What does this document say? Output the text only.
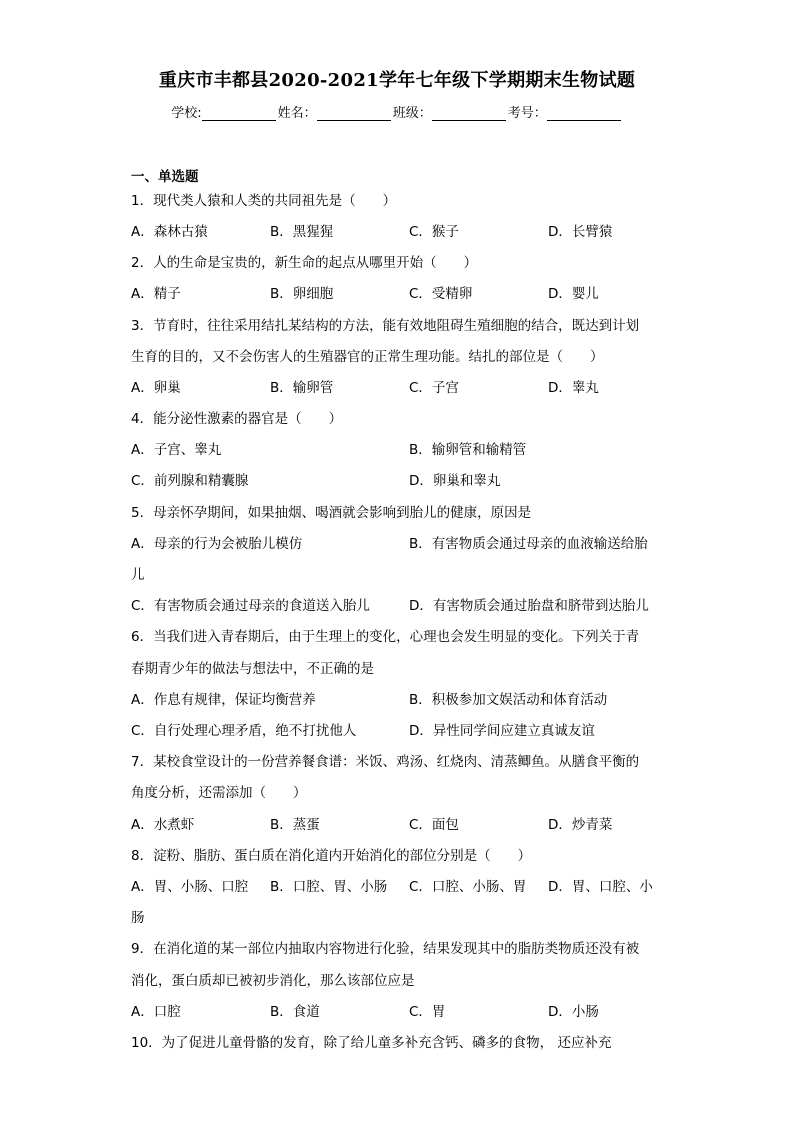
重庆市丰都县2020-2021学年七年级下学期期末生物试题
学校:	姓名：	班级：	考号：
一、单选题
1．现代类人猿和人类的共同祖先是（　　）
A．森林古猿	B．黑猩猩	C．猴子	D．长臂猿
2．人的生命是宝贵的，新生命的起点从哪里开始（　　）
A．精子	B．卵细胞	C．受精卵	D．婴儿
3．节育时，往往采用结扎某结构的方法，能有效地阻碍生殖细胞的结合，既达到计划
生育的目的，又不会伤害人的生殖器官的正常生理功能。结扎的部位是（　　）
A．卵巢	B．输卵管	C．子宫	D．睾丸
4．能分泌性激素的器官是（　　）
A．子宫、睾丸	B．输卵管和输精管
C．前列腺和精囊腺	D．卵巢和睾丸
5．母亲怀孕期间，如果抽烟、喝酒就会影响到胎儿的健康，原因是
A．母亲的行为会被胎儿模仿	B．有害物质会通过母亲的血液输送给胎
儿
C．有害物质会通过母亲的食道送入胎儿	D．有害物质会通过胎盘和脐带到达胎儿
6．当我们进入青春期后，由于生理上的变化，心理也会发生明显的变化。下列关于青
春期青少年的做法与想法中，不正确的是
A．作息有规律，保证均衡营养	B．积极参加文娱活动和体育活动
C．自行处理心理矛盾，绝不打扰他人	D．异性同学间应建立真诚友谊
7．某校食堂设计的一份营养餐食谱：米饭、鸡汤、红烧肉、清蒸鲫鱼。从膳食平衡的
角度分析，还需添加（　　）
A．水煮虾	B．蒸蛋	C．面包	D．炒青菜
8．淀粉、脂肪、蛋白质在消化道内开始消化的部位分别是（　　）
A．胃、小肠、口腔 B．口腔、胃、小肠 C．口腔、小肠、胃 D．胃、口腔、小
肠
9．在消化道的某一部位内抽取内容物进行化验，结果发现其中的脂肪类物质还没有被
消化，蛋白质却已被初步消化，那么该部位应是
A．口腔	B．食道	C．胃	D．小肠
10．为了促进儿童骨骼的发育，除了给儿童多补充含钙、磷多的食物， 还应补充
